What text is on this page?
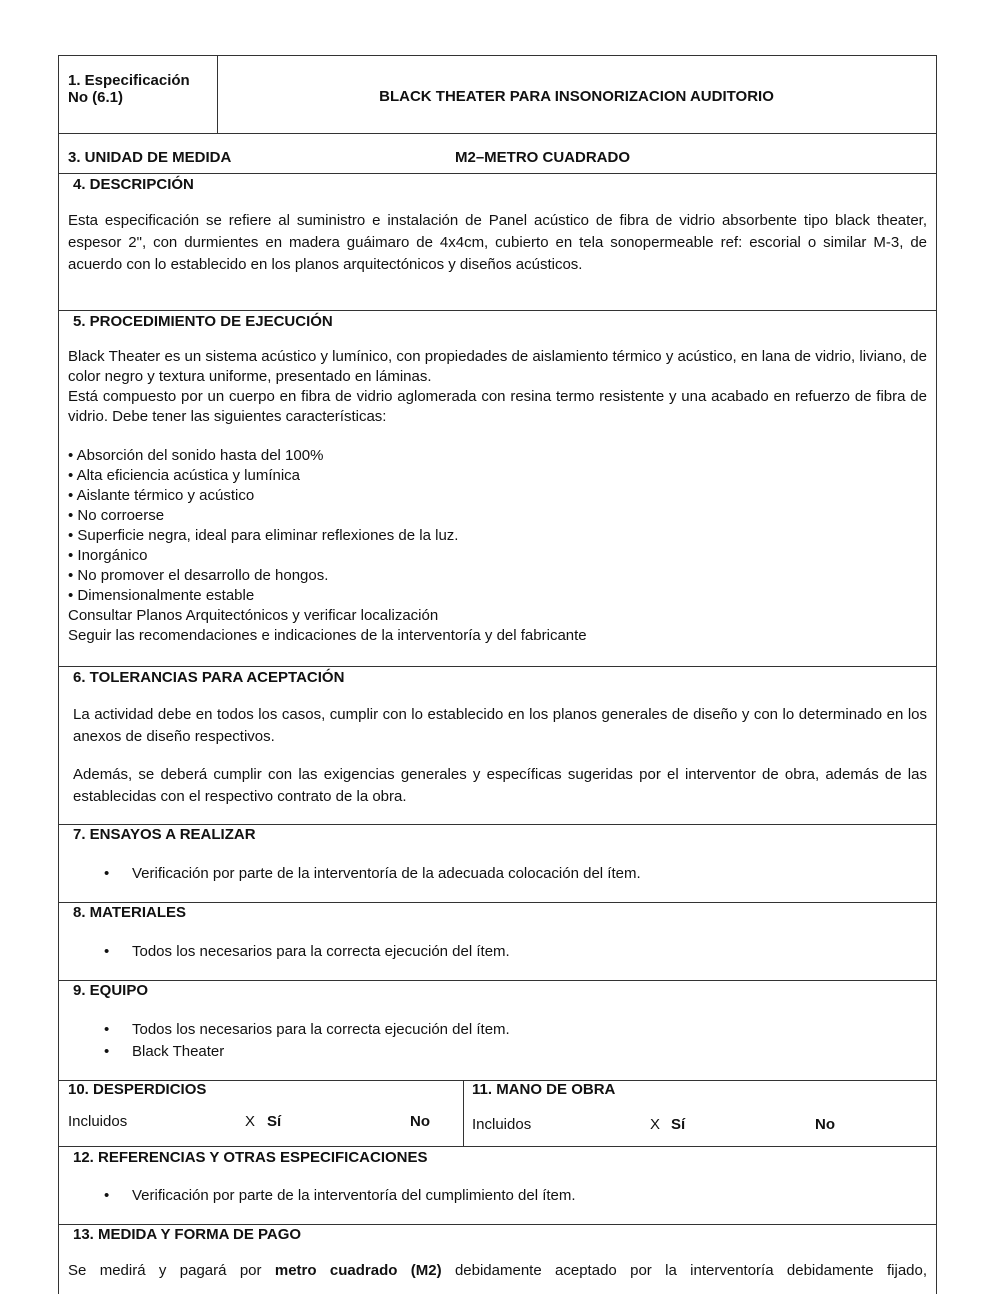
1. Especificación
No (6.1)	BLACK THEATER PARA INSONORIZACION AUDITORIO
3. UNIDAD DE MEDIDA	M2–METRO CUADRADO
4. DESCRIPCIÓN
Esta especificación se refiere al suministro e instalación de Panel acústico de fibra de vidrio absorbente tipo black theater, espesor 2", con durmientes en madera guáimaro de 4x4cm, cubierto en tela sonopermeable ref: escorial o similar M-3, de acuerdo con lo establecido en los planos arquitectónicos y diseños acústicos.
5. PROCEDIMIENTO DE EJECUCIÓN
Black Theater es un sistema acústico y lumínico, con propiedades de aislamiento térmico y acústico, en lana de vidrio, liviano, de color negro y textura uniforme, presentado en láminas.
Está compuesto por un cuerpo en fibra de vidrio aglomerada con resina termo resistente y una acabado en refuerzo de fibra de vidrio. Debe tener las siguientes características:
• Absorción del sonido hasta del 100%
• Alta eficiencia acústica y lumínica
• Aislante térmico y acústico
• No corroerse
• Superficie negra, ideal para eliminar reflexiones de la luz.
• Inorgánico
• No promover el desarrollo de hongos.
• Dimensionalmente estable
Consultar Planos Arquitectónicos y verificar localización
Seguir las recomendaciones e indicaciones de la interventoría y del fabricante
6. TOLERANCIAS PARA ACEPTACIÓN
La actividad debe en todos los casos, cumplir con lo establecido en los planos generales de diseño y con lo determinado en los anexos de diseño respectivos.
Además, se deberá cumplir con las exigencias generales y específicas sugeridas por el interventor de obra, además de las establecidas con el respectivo contrato de la obra.
7. ENSAYOS A REALIZAR
• Verificación por parte de la interventoría de la adecuada colocación del ítem.
8. MATERIALES
• Todos los necesarios para la correcta ejecución del ítem.
9. EQUIPO
• Todos los necesarios para la correcta ejecución del ítem.
• Black Theater
10. DESPERDICIOS
Incluidos	X Sí	No
11. MANO DE OBRA
Incluidos	X Sí	No
12. REFERENCIAS Y OTRAS ESPECIFICACIONES
• Verificación por parte de la interventoría del cumplimiento del ítem.
13. MEDIDA Y FORMA DE PAGO
Se medirá y pagará por metro cuadrado (M2) debidamente aceptado por la interventoría debidamente fijado,
